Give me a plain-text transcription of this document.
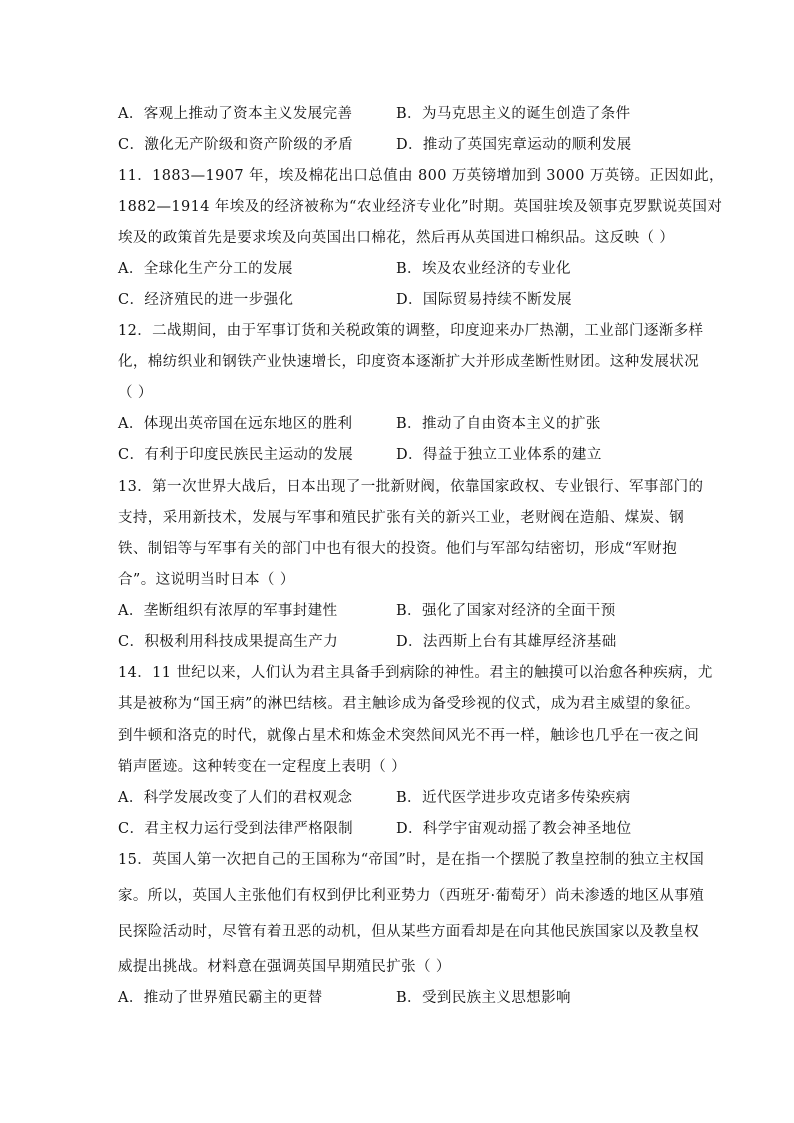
A．客观上推动了资本主义发展完善	B．为马克思主义的诞生创造了条件
C．激化无产阶级和资产阶级的矛盾	D．推动了英国宪章运动的顺利发展
11．1883—1907 年，埃及棉花出口总值由 800 万英镑增加到 3000 万英镑。正因如此，
1882—1914 年埃及的经济被称为“农业经济专业化”时期。英国驻埃及领事克罗默说英国对
埃及的政策首先是要求埃及向英国出口棉花，然后再从英国进口棉织品。这反映（ ）
A．全球化生产分工的发展	B．埃及农业经济的专业化
C．经济殖民的进一步强化	D．国际贸易持续不断发展
12．二战期间，由于军事订货和关税政策的调整，印度迎来办厂热潮，工业部门逐渐多样
化，棉纺织业和钢铁产业快速增长，印度资本逐渐扩大并形成垄断性财团。这种发展状况
（ ）
A．体现出英帝国在远东地区的胜利	B．推动了自由资本主义的扩张
C．有利于印度民族民主运动的发展	D．得益于独立工业体系的建立
13．第一次世界大战后，日本出现了一批新财阀，依靠国家政权、专业银行、军事部门的
支持，采用新技术，发展与军事和殖民扩张有关的新兴工业，老财阀在造船、煤炭、钢
铁、制铝等与军事有关的部门中也有很大的投资。他们与军部勾结密切，形成“军财抱
合”。这说明当时日本（ ）
A．垄断组织有浓厚的军事封建性	B．强化了国家对经济的全面干预
C．积极利用科技成果提高生产力	D．法西斯上台有其雄厚经济基础
14．11 世纪以来，人们认为君主具备手到病除的神性。君主的触摸可以治愈各种疾病，尤
其是被称为“国王病”的淋巴结核。君主触诊成为备受珍视的仪式，成为君主威望的象征。
到牛顿和洛克的时代，就像占星术和炼金术突然间风光不再一样，触诊也几乎在一夜之间
销声匿迹。这种转变在一定程度上表明（ ）
A．科学发展改变了人们的君权观念	B．近代医学进步攻克诸多传染疾病
C．君主权力运行受到法律严格限制	D．科学宇宙观动摇了教会神圣地位
15．英国人第一次把自己的王国称为“帝国”时，是在指一个摆脱了教皇控制的独立主权国
家。所以，英国人主张他们有权到伊比利亚势力（西班牙·葡萄牙）尚未渗透的地区从事殖
民探险活动时，尽管有着丑恶的动机，但从某些方面看却是在向其他民族国家以及教皇权
威提出挑战。材料意在强调英国早期殖民扩张（ ）
A．推动了世界殖民霸主的更替	B．受到民族主义思想影响
